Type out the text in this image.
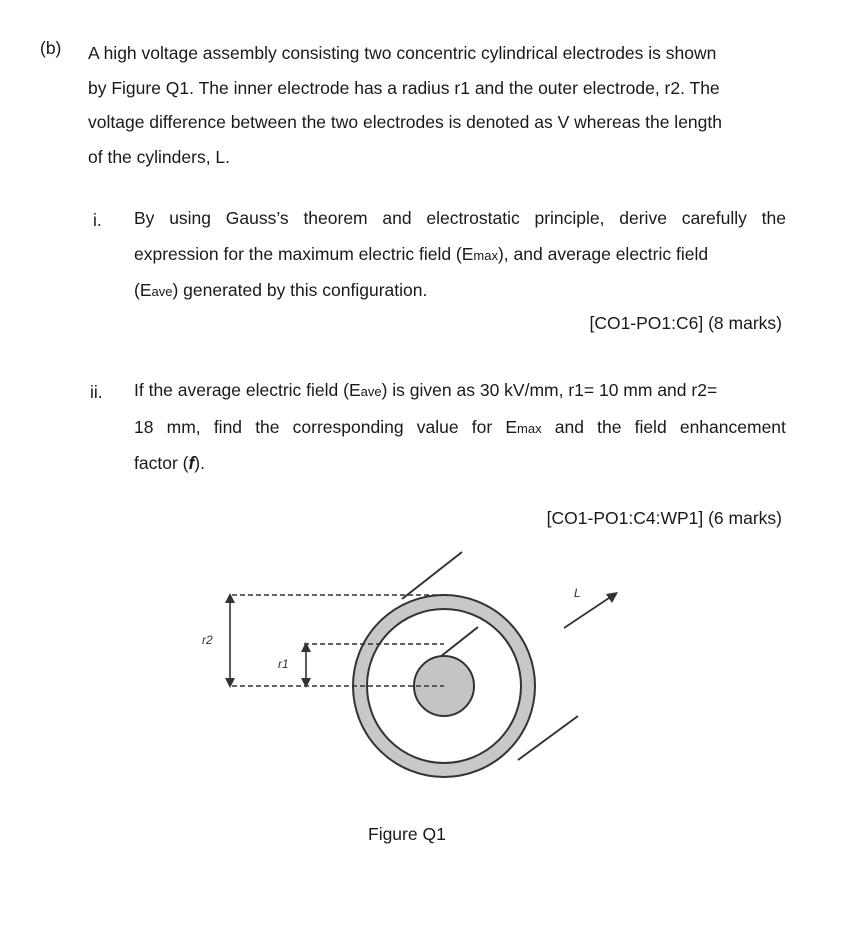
(b) A high voltage assembly consisting two concentric cylindrical electrodes is shown
by Figure Q1. The inner electrode has a radius r1 and the outer electrode, r2. The
voltage difference between the two electrodes is denoted as V whereas the length
of the cylinders, L.
i. By using Gauss’s theorem and electrostatic principle, derive carefully the
expression for the maximum electric field (Emax), and average electric field
(Eave) generated by this configuration.
[CO1-PO1:C6] (8 marks)
ii. If the average electric field (Eave) is given as 30 kV/mm, r1= 10 mm and r2=
18 mm, find the corresponding value for Emax and the field enhancement
factor (f).
[CO1-PO1:C4:WP1] (6 marks)
r2
r1
L
Figure Q1
